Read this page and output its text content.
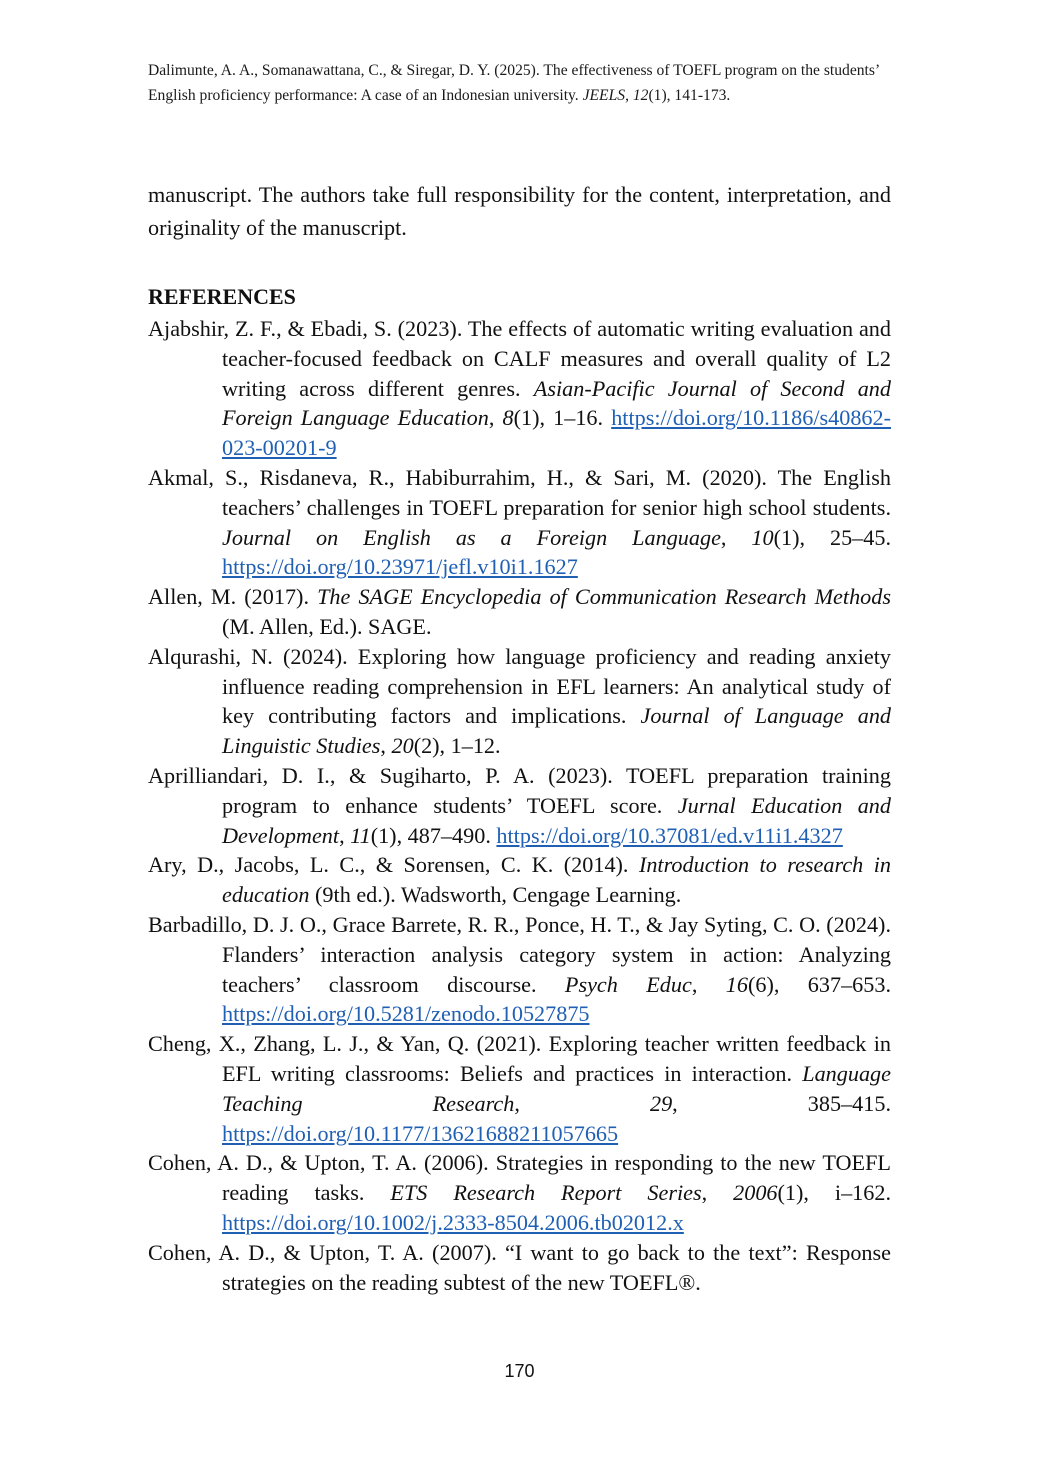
Dalimunte, A. A., Somanawattana, C., & Siregar, D. Y. (2025). The effectiveness of TOEFL program on the students’ English proficiency performance: A case of an Indonesian university. JEELS, 12(1), 141-173.

manuscript. The authors take full responsibility for the content, interpretation, and originality of the manuscript.

REFERENCES
Ajabshir, Z. F., & Ebadi, S. (2023). The effects of automatic writing evaluation and teacher-focused feedback on CALF measures and overall quality of L2 writing across different genres. Asian-Pacific Journal of Second and Foreign Language Education, 8(1), 1–16. https://doi.org/10.1186/s40862-023-00201-9
Akmal, S., Risdaneva, R., Habiburrahim, H., & Sari, M. (2020). The English teachers’ challenges in TOEFL preparation for senior high school students. Journal on English as a Foreign Language, 10(1), 25–45. https://doi.org/10.23971/jefl.v10i1.1627
Allen, M. (2017). The SAGE Encyclopedia of Communication Research Methods (M. Allen, Ed.). SAGE.
Alqurashi, N. (2024). Exploring how language proficiency and reading anxiety influence reading comprehension in EFL learners: An analytical study of key contributing factors and implications. Journal of Language and Linguistic Studies, 20(2), 1–12.
Aprilliandari, D. I., & Sugiharto, P. A. (2023). TOEFL preparation training program to enhance students’ TOEFL score. Jurnal Education and Development, 11(1), 487–490. https://doi.org/10.37081/ed.v11i1.4327
Ary, D., Jacobs, L. C., & Sorensen, C. K. (2014). Introduction to research in education (9th ed.). Wadsworth, Cengage Learning.
Barbadillo, D. J. O., Grace Barrete, R. R., Ponce, H. T., & Jay Syting, C. O. (2024). Flanders’ interaction analysis category system in action: Analyzing teachers’ classroom discourse. Psych Educ, 16(6), 637–653. https://doi.org/10.5281/zenodo.10527875
Cheng, X., Zhang, L. J., & Yan, Q. (2021). Exploring teacher written feedback in EFL writing classrooms: Beliefs and practices in interaction. Language Teaching Research, 29, 385–415. https://doi.org/10.1177/13621688211057665
Cohen, A. D., & Upton, T. A. (2006). Strategies in responding to the new TOEFL reading tasks. ETS Research Report Series, 2006(1), i–162. https://doi.org/10.1002/j.2333-8504.2006.tb02012.x
Cohen, A. D., & Upton, T. A. (2007). “I want to go back to the text”: Response strategies on the reading subtest of the new TOEFL®.
170
